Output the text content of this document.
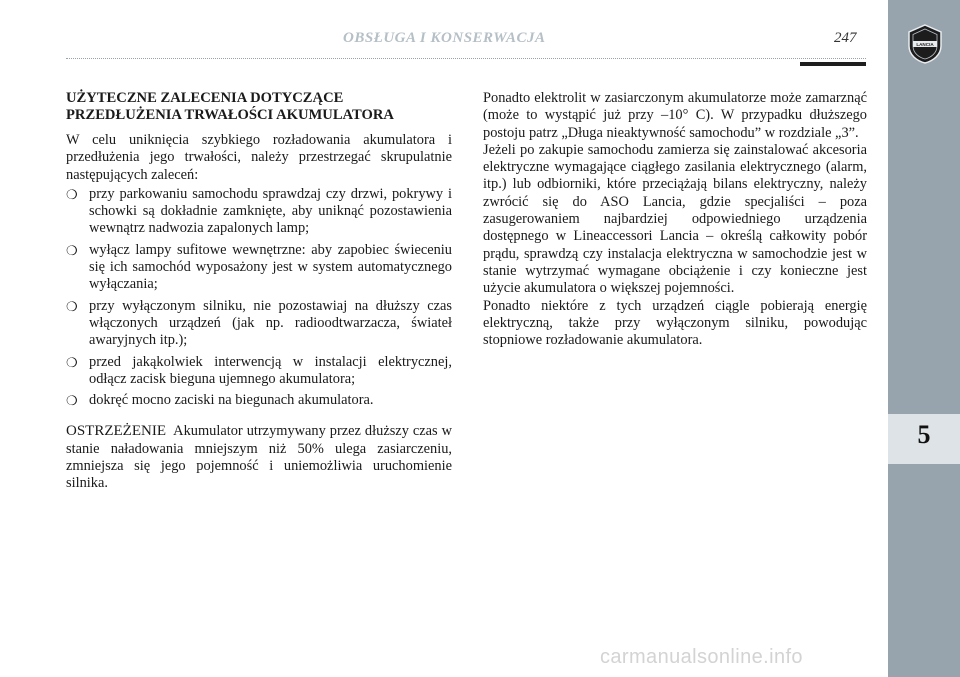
OBSŁUGA I KONSERWACJA	247	LANCIA
5
UŻYTECZNE ZALECENIA DOTYCZĄCE
PRZEDŁUŻENIA TRWAŁOŚCI AKUMULATORA

W celu uniknięcia szybkiego rozładowania akumulatora i przedłużenia jego trwałości, należy przestrzegać skrupulatnie następujących zaleceń:

❍ przy parkowaniu samochodu sprawdzaj czy drzwi, pokrywy i schowki są dokładnie zamknięte, aby uniknąć pozostawienia wewnątrz nadwozia zapalonych lamp;
❍ wyłącz lampy sufitowe wewnętrzne: aby zapobiec świeceniu się ich samochód wyposażony jest w system automatycznego wyłączania;
❍ przy wyłączonym silniku, nie pozostawiaj na dłuższy czas włączonych urządzeń (jak np. radioodtwarzacza, świateł awaryjnych itp.);
❍ przed jakąkolwiek interwencją w instalacji elektrycznej, odłącz zacisk bieguna ujemnego akumulatora;
❍ dokręć mocno zaciski na biegunach akumulatora.

OSTRZEŻENIE Akumulator utrzymywany przez dłuższy czas w stanie naładowania mniejszym niż 50% ulega zasiarczeniu, zmniejsza się jego pojemność i uniemożliwia uruchomienie silnika.

Ponadto elektrolit w zasiarczonym akumulatorze może zamarznąć (może to wystąpić już przy –10° C). W przypadku dłuższego postoju patrz „Długa nieaktywność samochodu” w rozdziale „3”.

Jeżeli po zakupie samochodu zamierza się zainstalować akcesoria elektryczne wymagające ciągłego zasilania elektrycznego (alarm, itp.) lub odbiorniki, które przeciążają bilans elektryczny, należy zwrócić się do ASO Lancia, gdzie specjaliści – poza zasugerowaniem najbardziej odpowiedniego urządzenia dostępnego w Lineaccessori Lancia – określą całkowity pobór prądu, sprawdzą czy instalacja elektryczna w samochodzie jest w stanie wytrzymać wymagane obciążenie i czy konieczne jest użycie akumulatora o większej pojemności.

Ponadto niektóre z tych urządzeń ciągle pobierają energię elektryczną, także przy wyłączonym silniku, powodując stopniowe rozładowanie akumulatora.

carmanualsonline.info
